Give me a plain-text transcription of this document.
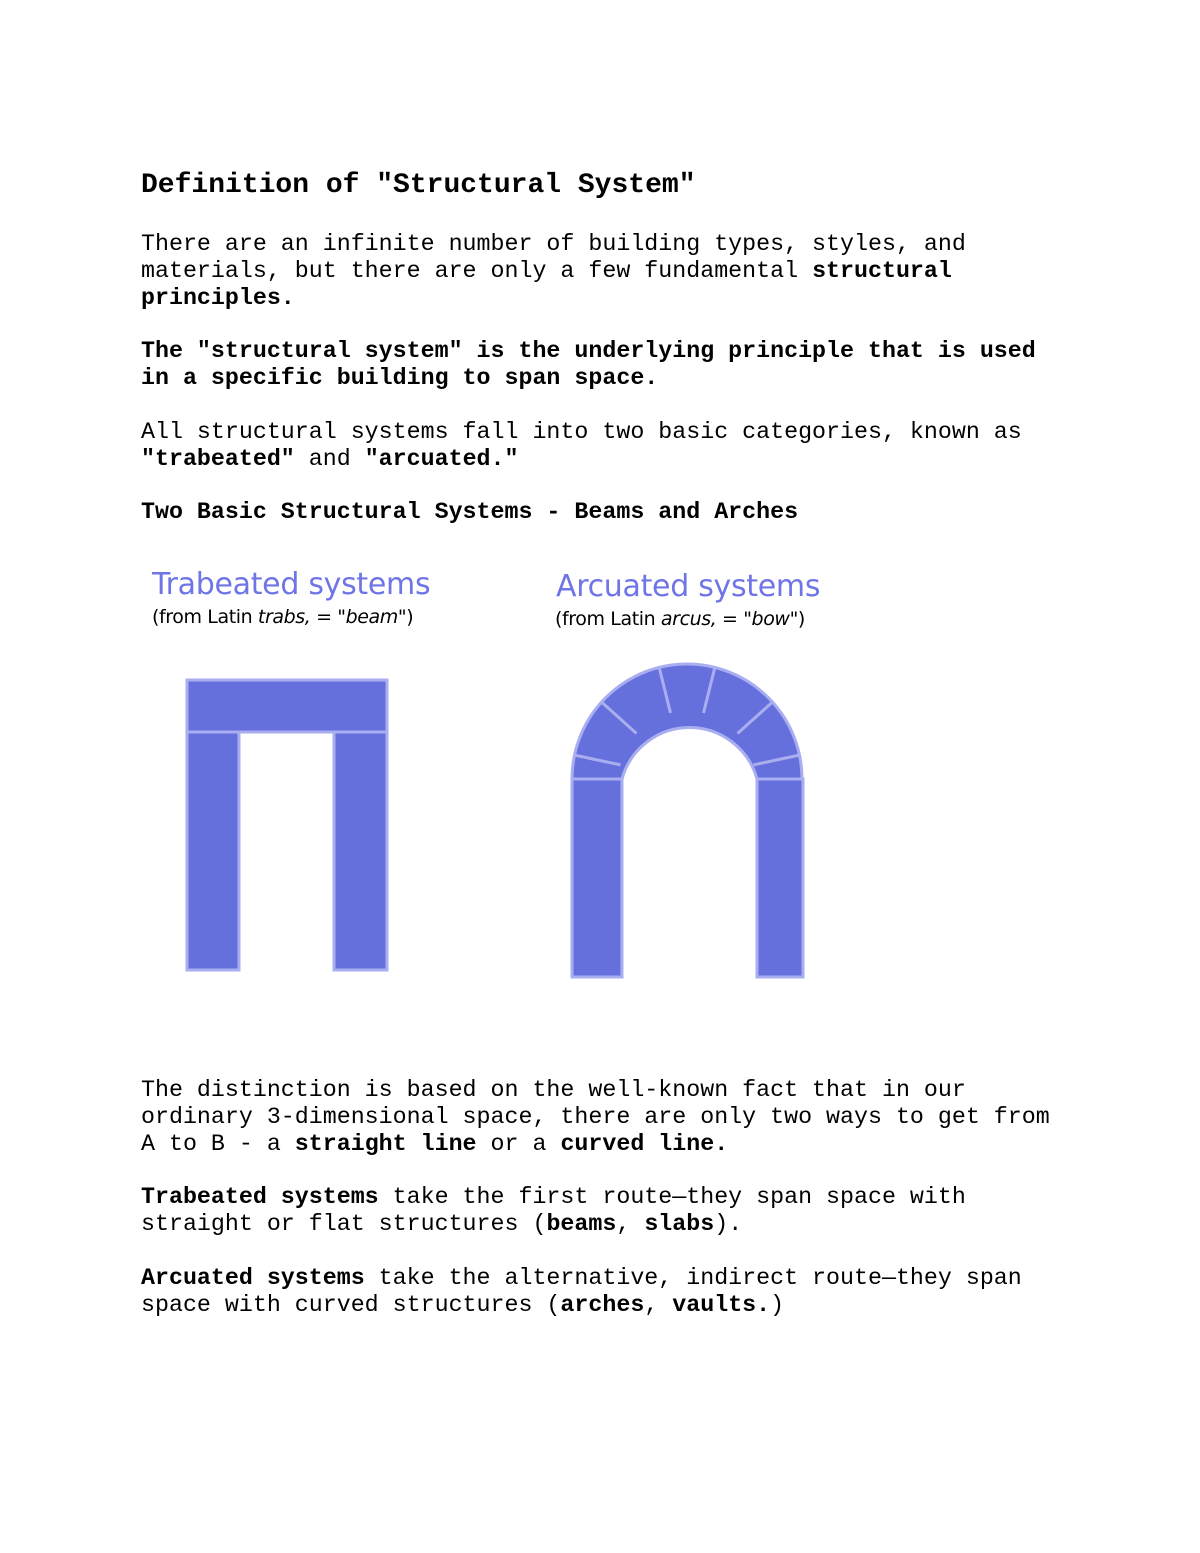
Definition of "Structural System"

There are an infinite number of building types, styles, and

materials, but there are only a few fundamental structural

principles.

The "structural system" is the underlying principle that is used

in a specific building to span space.

All structural systems fall into two basic categories, known as

"trabeated" and "arcuated."

Two Basic Structural Systems - Beams and Arches

Trabeated systems
(from Latin trabs, = "beam")
Arcuated systems
(from Latin arcus, = "bow")

The distinction is based on the well-known fact that in our

ordinary 3-dimensional space, there are only two ways to get from

A to B - a straight line or a curved line.

Trabeated systems take the first route—they span space with

straight or flat structures (beams, slabs).

Arcuated systems take the alternative, indirect route—they span

space with curved structures (arches, vaults.)
